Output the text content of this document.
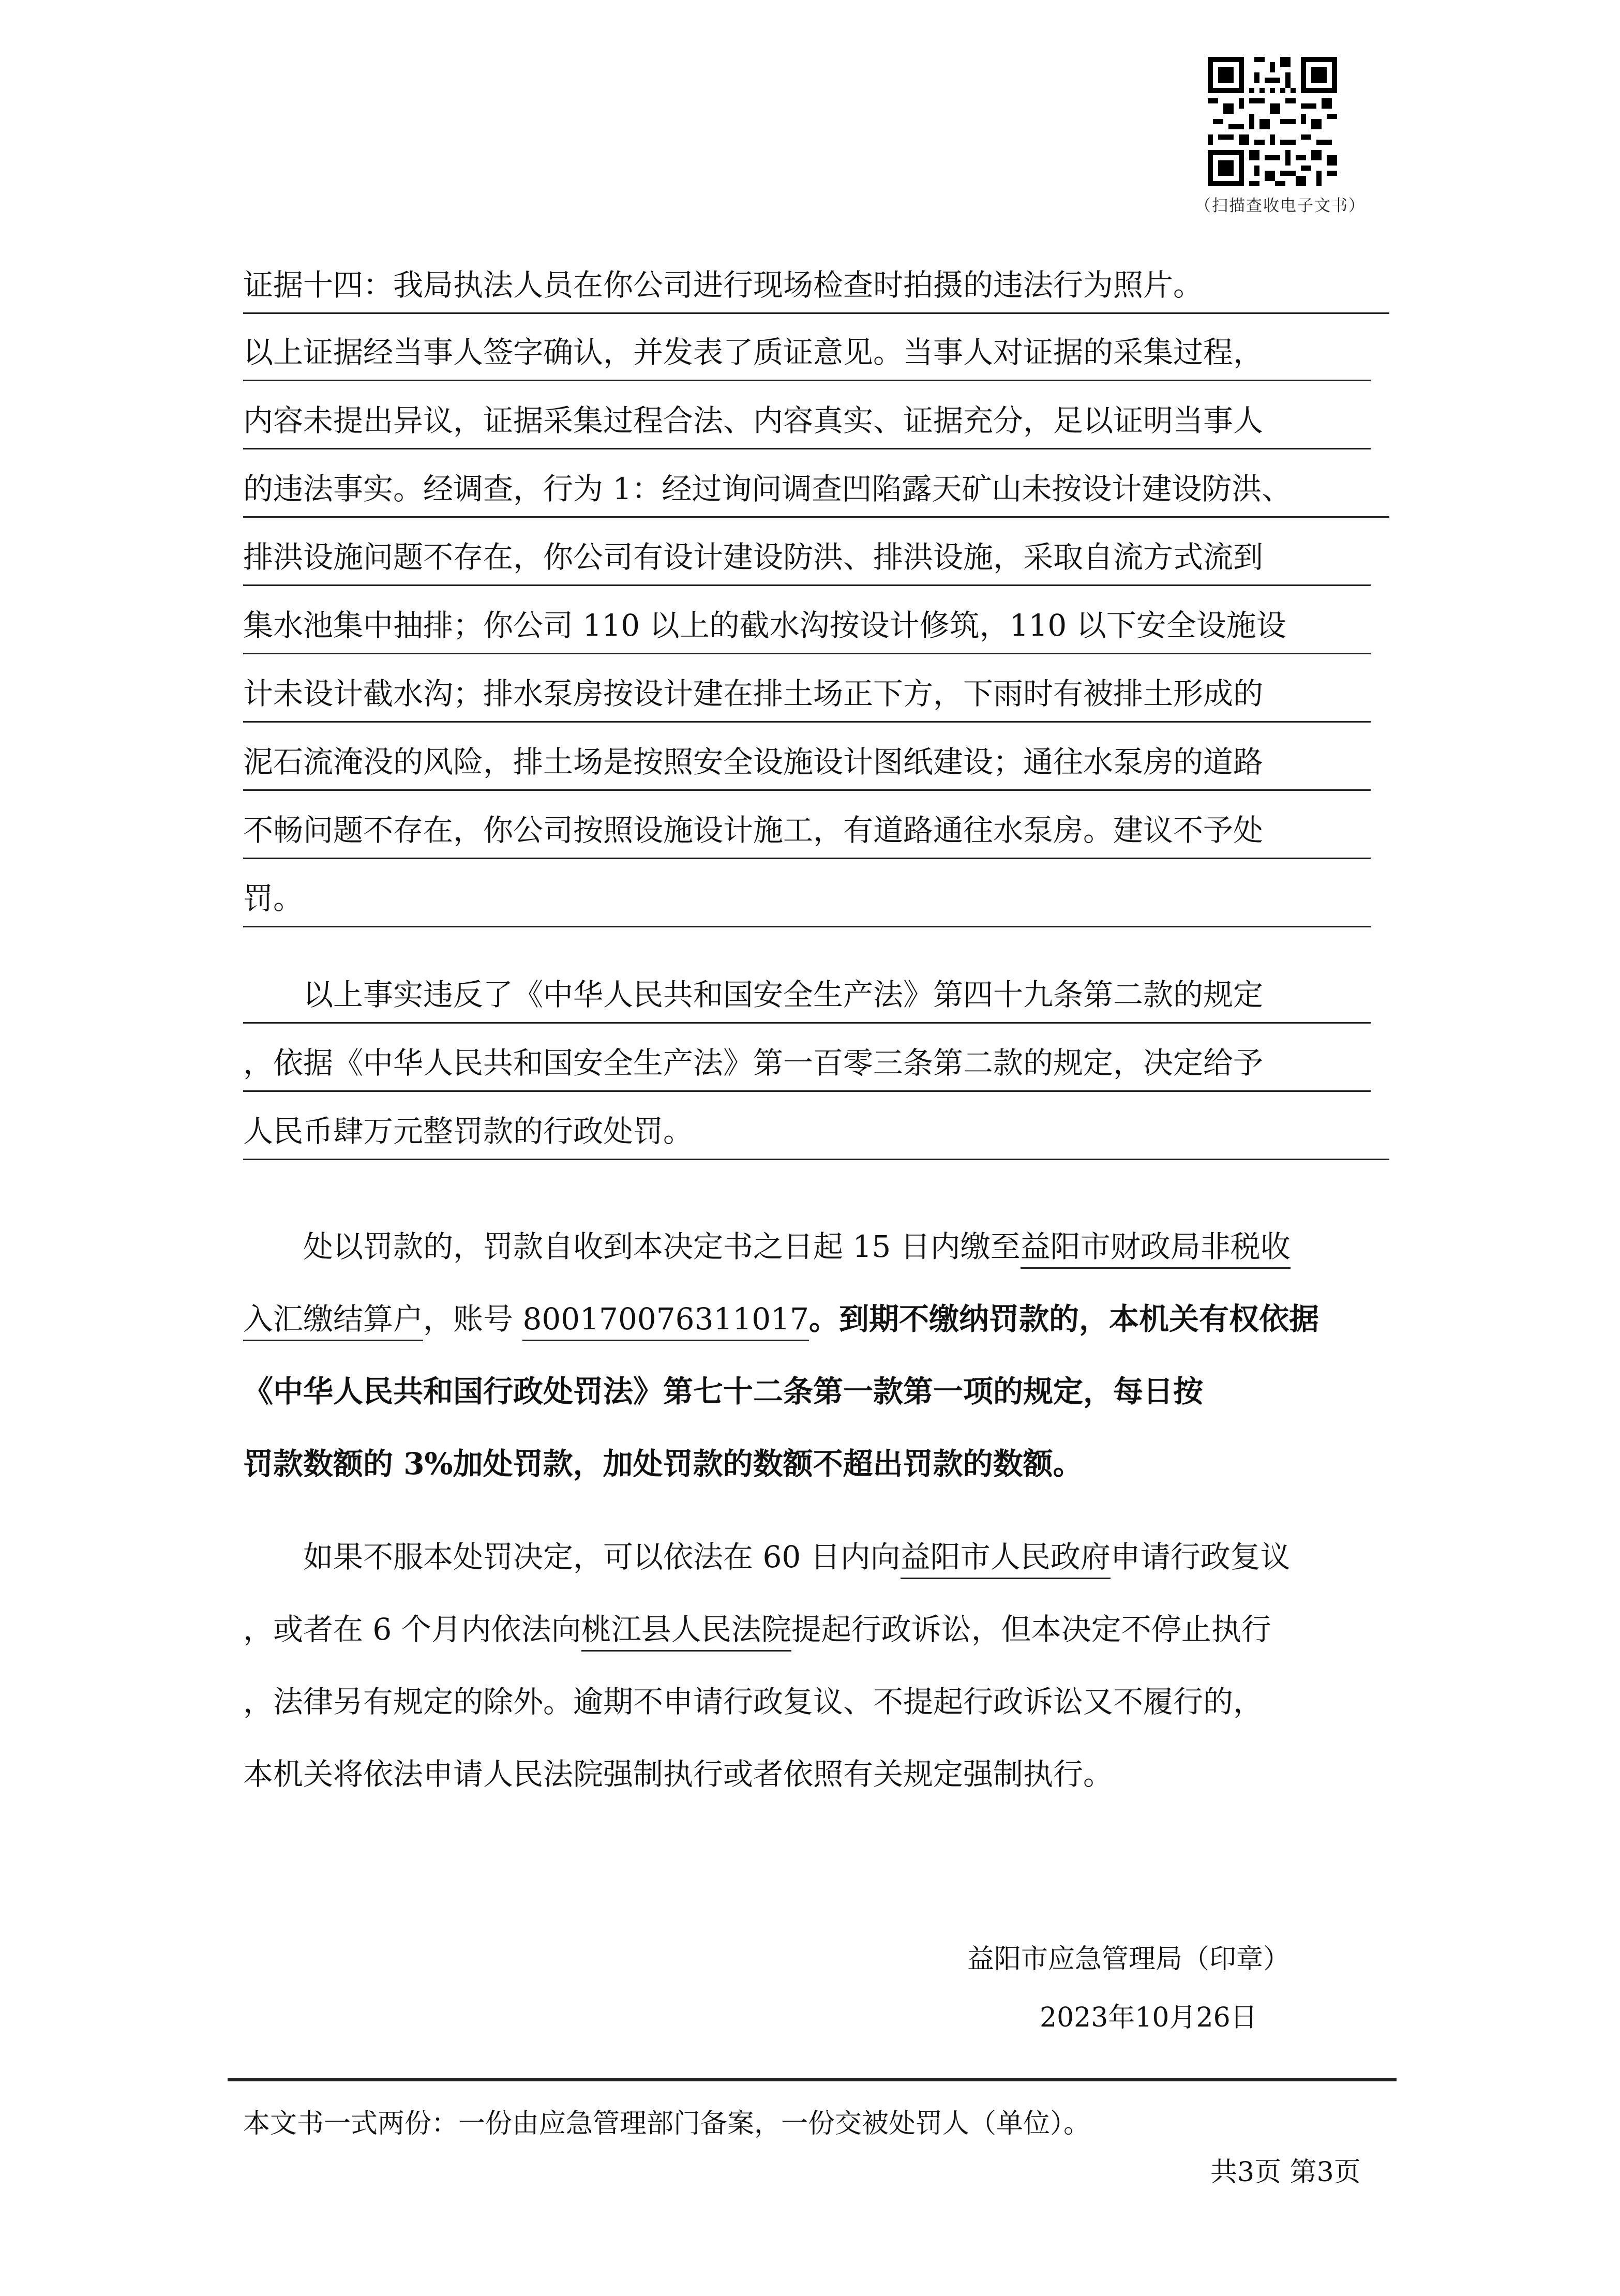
（扫描查收电子文书）
证据十四：我局执法人员在你公司进行现场检查时拍摄的违法行为照片。
以上证据经当事人签字确认，并发表了质证意见。当事人对证据的采集过程，
内容未提出异议，证据采集过程合法、内容真实、证据充分，足以证明当事人
的违法事实。经调查，行为 1：经过询问调查凹陷露天矿山未按设计建设防洪、
排洪设施问题不存在，你公司有设计建设防洪、排洪设施，采取自流方式流到
集水池集中抽排；你公司 110 以上的截水沟按设计修筑，110 以下安全设施设
计未设计截水沟；排水泵房按设计建在排土场正下方，下雨时有被排土形成的
泥石流淹没的风险，排土场是按照安全设施设计图纸建设；通往水泵房的道路
不畅问题不存在，你公司按照设施设计施工，有道路通往水泵房。建议不予处
罚。
以上事实违反了《中华人民共和国安全生产法》第四十九条第二款的规定
，依据《中华人民共和国安全生产法》第一百零三条第二款的规定，决定给予
人民币肆万元整罚款的行政处罚。
处以罚款的，罚款自收到本决定书之日起 15 日内缴至益阳市财政局非税收
入汇缴结算户，账号 800170076311017。到期不缴纳罚款的，本机关有权依据
《中华人民共和国行政处罚法》第七十二条第一款第一项的规定，每日按
罚款数额的 3%加处罚款，加处罚款的数额不超出罚款的数额。
如果不服本处罚决定，可以依法在 60 日内向益阳市人民政府申请行政复议
，或者在 6 个月内依法向桃江县人民法院提起行政诉讼，但本决定不停止执行
，法律另有规定的除外。逾期不申请行政复议、不提起行政诉讼又不履行的，
本机关将依法申请人民法院强制执行或者依照有关规定强制执行。
益阳市应急管理局（印章）
2023年10月26日
本文书一式两份：一份由应急管理部门备案，一份交被处罚人（单位）。
共3页 第3页
